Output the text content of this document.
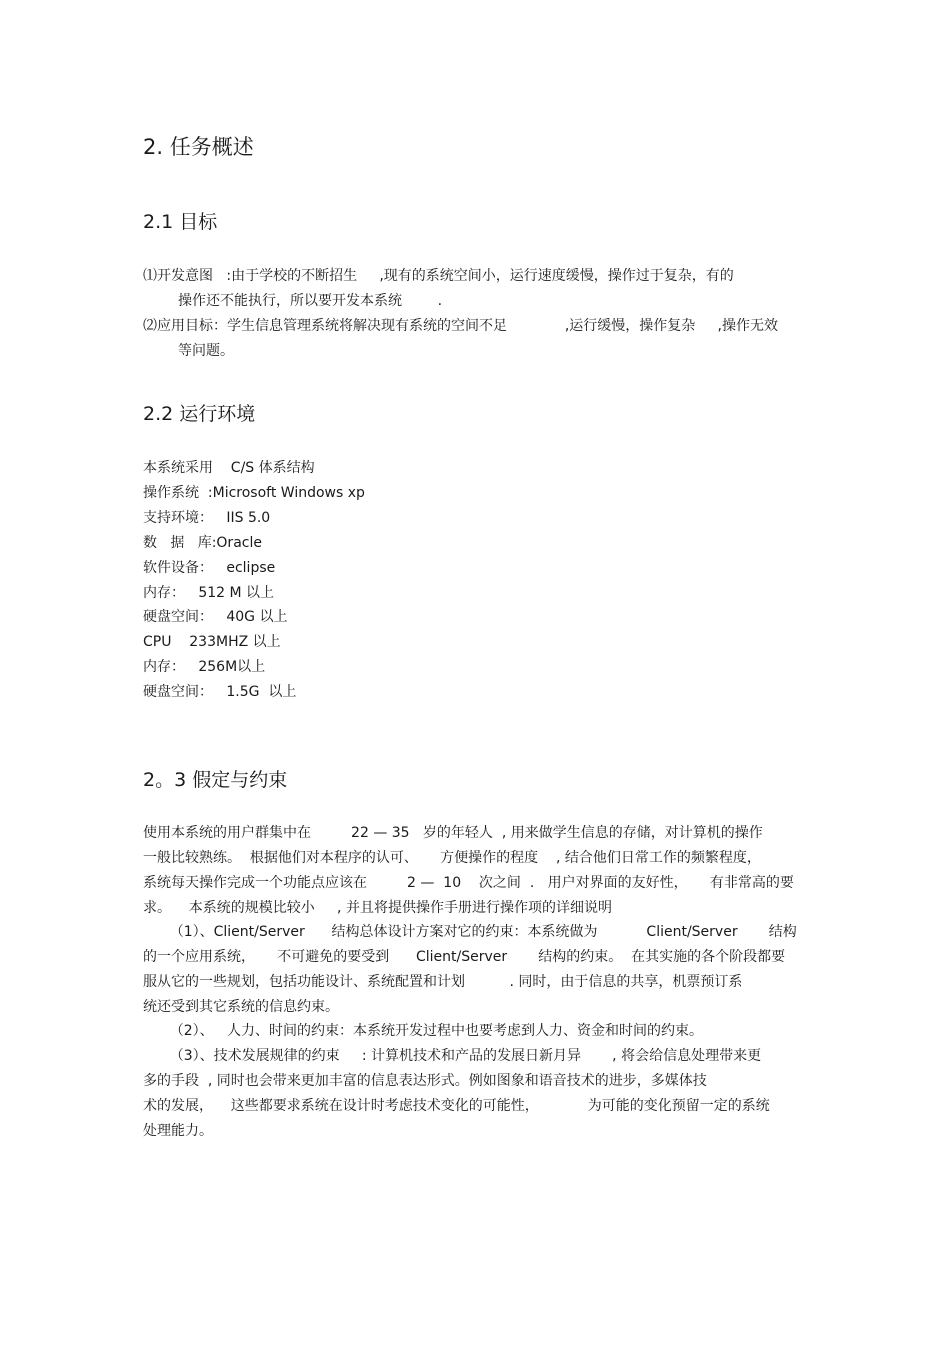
2. 任务概述
2.1 目标
⑴开发意图   :由于学校的不断招生     ,现有的系统空间小，运行速度缓慢，操作过于复杂，有的
操作还不能执行，所以要开发本系统        .
⑵应用目标：学生信息管理系统将解决现有系统的空间不足             ,运行缓慢，操作复杂     ,操作无效
等问题。
2.2 运行环境
本系统采用    C/S 体系结构
操作系统  :Microsoft Windows xp
支持环境：   IIS 5.0
数   据   库:Oracle
软件设备：   eclipse
内存：   512 M 以上
硬盘空间：   40G 以上
CPU    233MHZ 以上
内存：   256M以上
硬盘空间：   1.5G  以上
2。3 假定与约束
使用本系统的用户群集中在         22 — 35   岁的年轻人  , 用来做学生信息的存储，对计算机的操作
一般比较熟练。  根据他们对本程序的认可、     方便操作的程度    , 结合他们日常工作的频繁程度，
系统每天操作完成一个功能点应该在         2 —  10    次之间  .   用户对界面的友好性，     有非常高的要
求。    本系统的规模比较小     , 并且将提供操作手册进行操作项的详细说明
（1）、Client/Server      结构总体设计方案对它的约束：本系统做为           Client/Server       结构
的一个应用系统，     不可避免的要受到      Client/Server       结构的约束。  在其实施的各个阶段都要
服从它的一些规划，包括功能设计、系统配置和计划          . 同时，由于信息的共享，机票预订系
统还受到其它系统的信息约束。
（2）、   人力、时间的约束：本系统开发过程中也要考虑到人力、资金和时间的约束。
（3）、技术发展规律的约束     : 计算机技术和产品的发展日新月异       , 将会给信息处理带来更
多的手段  , 同时也会带来更加丰富的信息表达形式。例如图象和语音技术的进步，多媒体技
术的发展，    这些都要求系统在设计时考虑技术变化的可能性，           为可能的变化预留一定的系统
处理能力。
